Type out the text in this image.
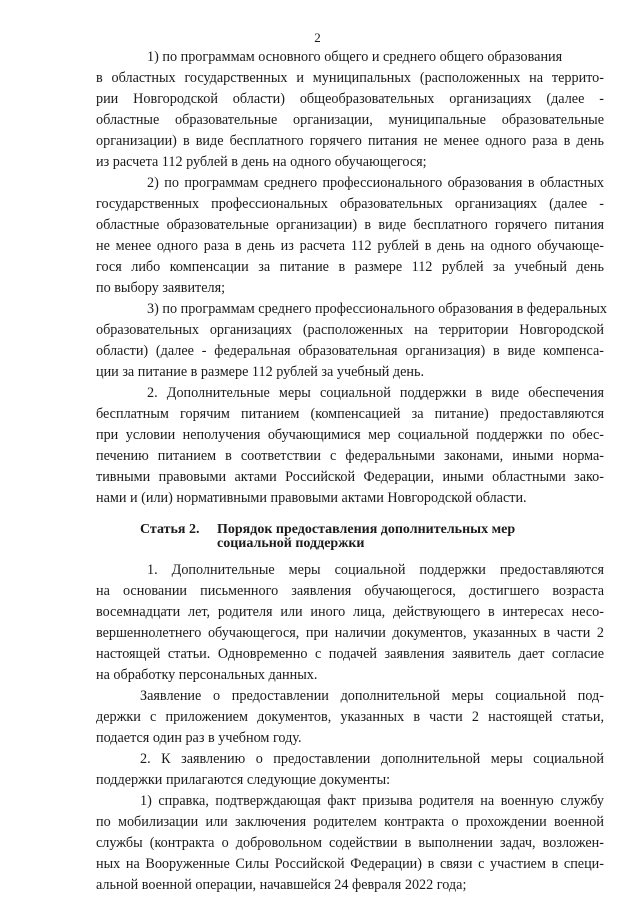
2
1) по программам основного общего и среднего общего образования
в областных государственных и муниципальных (расположенных на террито-
рии Новгородской области) общеобразовательных организациях (далее -
областные образовательные организации, муниципальные образовательные
организации) в виде бесплатного горячего питания не менее одного раза в день
из расчета 112 рублей в день на одного обучающегося;
2) по программам среднего профессионального образования в областных
государственных профессиональных образовательных организациях (далее -
областные образовательные организации) в виде бесплатного горячего питания
не менее одного раза в день из расчета 112 рублей в день на одного обучающе-
гося либо компенсации за питание в размере 112 рублей за учебный день
по выбору заявителя;
3) по программам среднего профессионального образования в федеральных
образовательных организациях (расположенных на территории Новгородской
области) (далее - федеральная образовательная организация) в виде компенса-
ции за питание в размере 112 рублей за учебный день.
2. Дополнительные меры социальной поддержки в виде обеспечения
бесплатным горячим питанием (компенсацией за питание) предоставляются
при условии неполучения обучающимися мер социальной поддержки по обес-
печению питанием в соответствии с федеральными законами, иными норма-
тивными правовыми актами Российской Федерации, иными областными зако-
нами и (или) нормативными правовыми актами Новгородской области.
Статья 2. Порядок предоставления дополнительных мер
социальной поддержки
1. Дополнительные меры социальной поддержки предоставляются
на основании письменного заявления обучающегося, достигшего возраста
восемнадцати лет, родителя или иного лица, действующего в интересах несо-
вершеннолетнего обучающегося, при наличии документов, указанных в части 2
настоящей статьи. Одновременно с подачей заявления заявитель дает согласие
на обработку персональных данных.
Заявление о предоставлении дополнительной меры социальной под-
держки с приложением документов, указанных в части 2 настоящей статьи,
подается один раз в учебном году.
2. К заявлению о предоставлении дополнительной меры социальной
поддержки прилагаются следующие документы:
1) справка, подтверждающая факт призыва родителя на военную службу
по мобилизации или заключения родителем контракта о прохождении военной
службы (контракта о добровольном содействии в выполнении задач, возложен-
ных на Вооруженные Силы Российской Федерации) в связи с участием в специ-
альной военной операции, начавшейся 24 февраля 2022 года;
